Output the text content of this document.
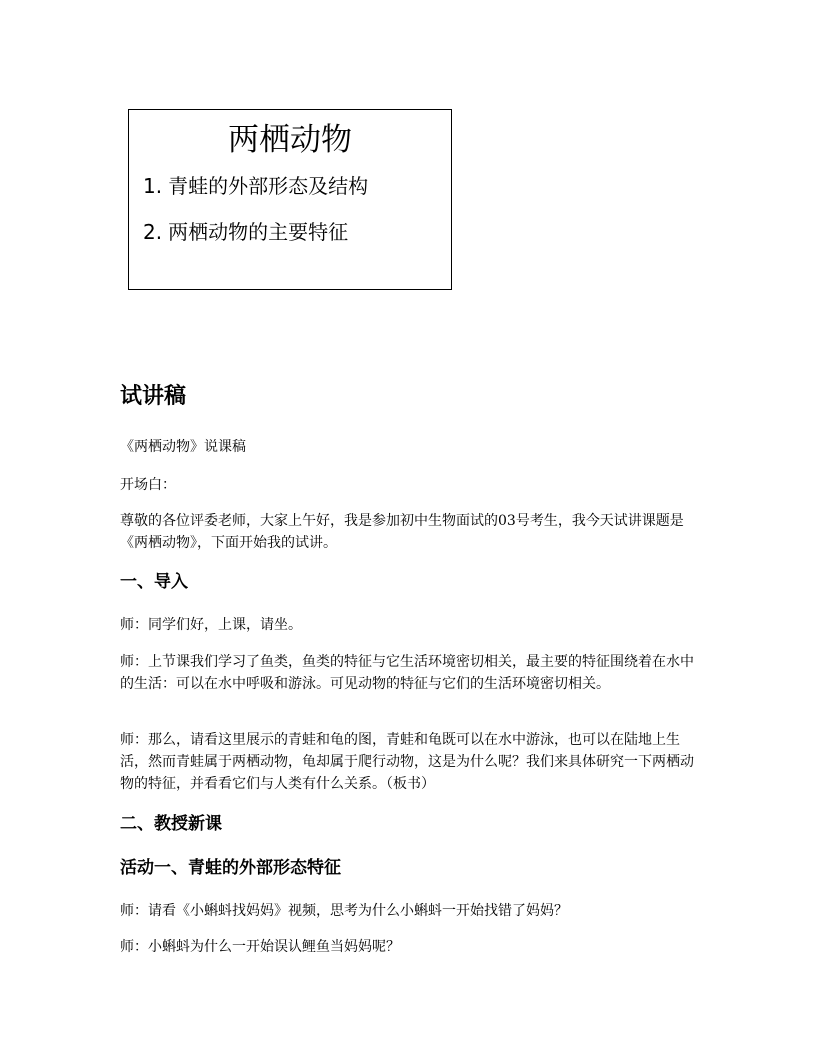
两栖动物
1. 青蛙的外部形态及结构
2. 两栖动物的主要特征
试讲稿

《两栖动物》说课稿

开场白：

尊敬的各位评委老师，大家上午好，我是参加初中生物面试的03号考生，我今天试讲课题是《两栖动物》，下面开始我的试讲。

一、导入

师：同学们好，上课，请坐。

师：上节课我们学习了鱼类，鱼类的特征与它生活环境密切相关，最主要的特征围绕着在水中的生活：可以在水中呼吸和游泳。可见动物的特征与它们的生活环境密切相关。

师：那么，请看这里展示的青蛙和龟的图，青蛙和龟既可以在水中游泳，也可以在陆地上生活，然而青蛙属于两栖动物，龟却属于爬行动物，这是为什么呢？我们来具体研究一下两栖动物的特征，并看看它们与人类有什么关系。（板书）

二、教授新课
活动一、青蛙的外部形态特征

师：请看《小蝌蚪找妈妈》视频，思考为什么小蝌蚪一开始找错了妈妈？

师：小蝌蚪为什么一开始误认鲤鱼当妈妈呢？
